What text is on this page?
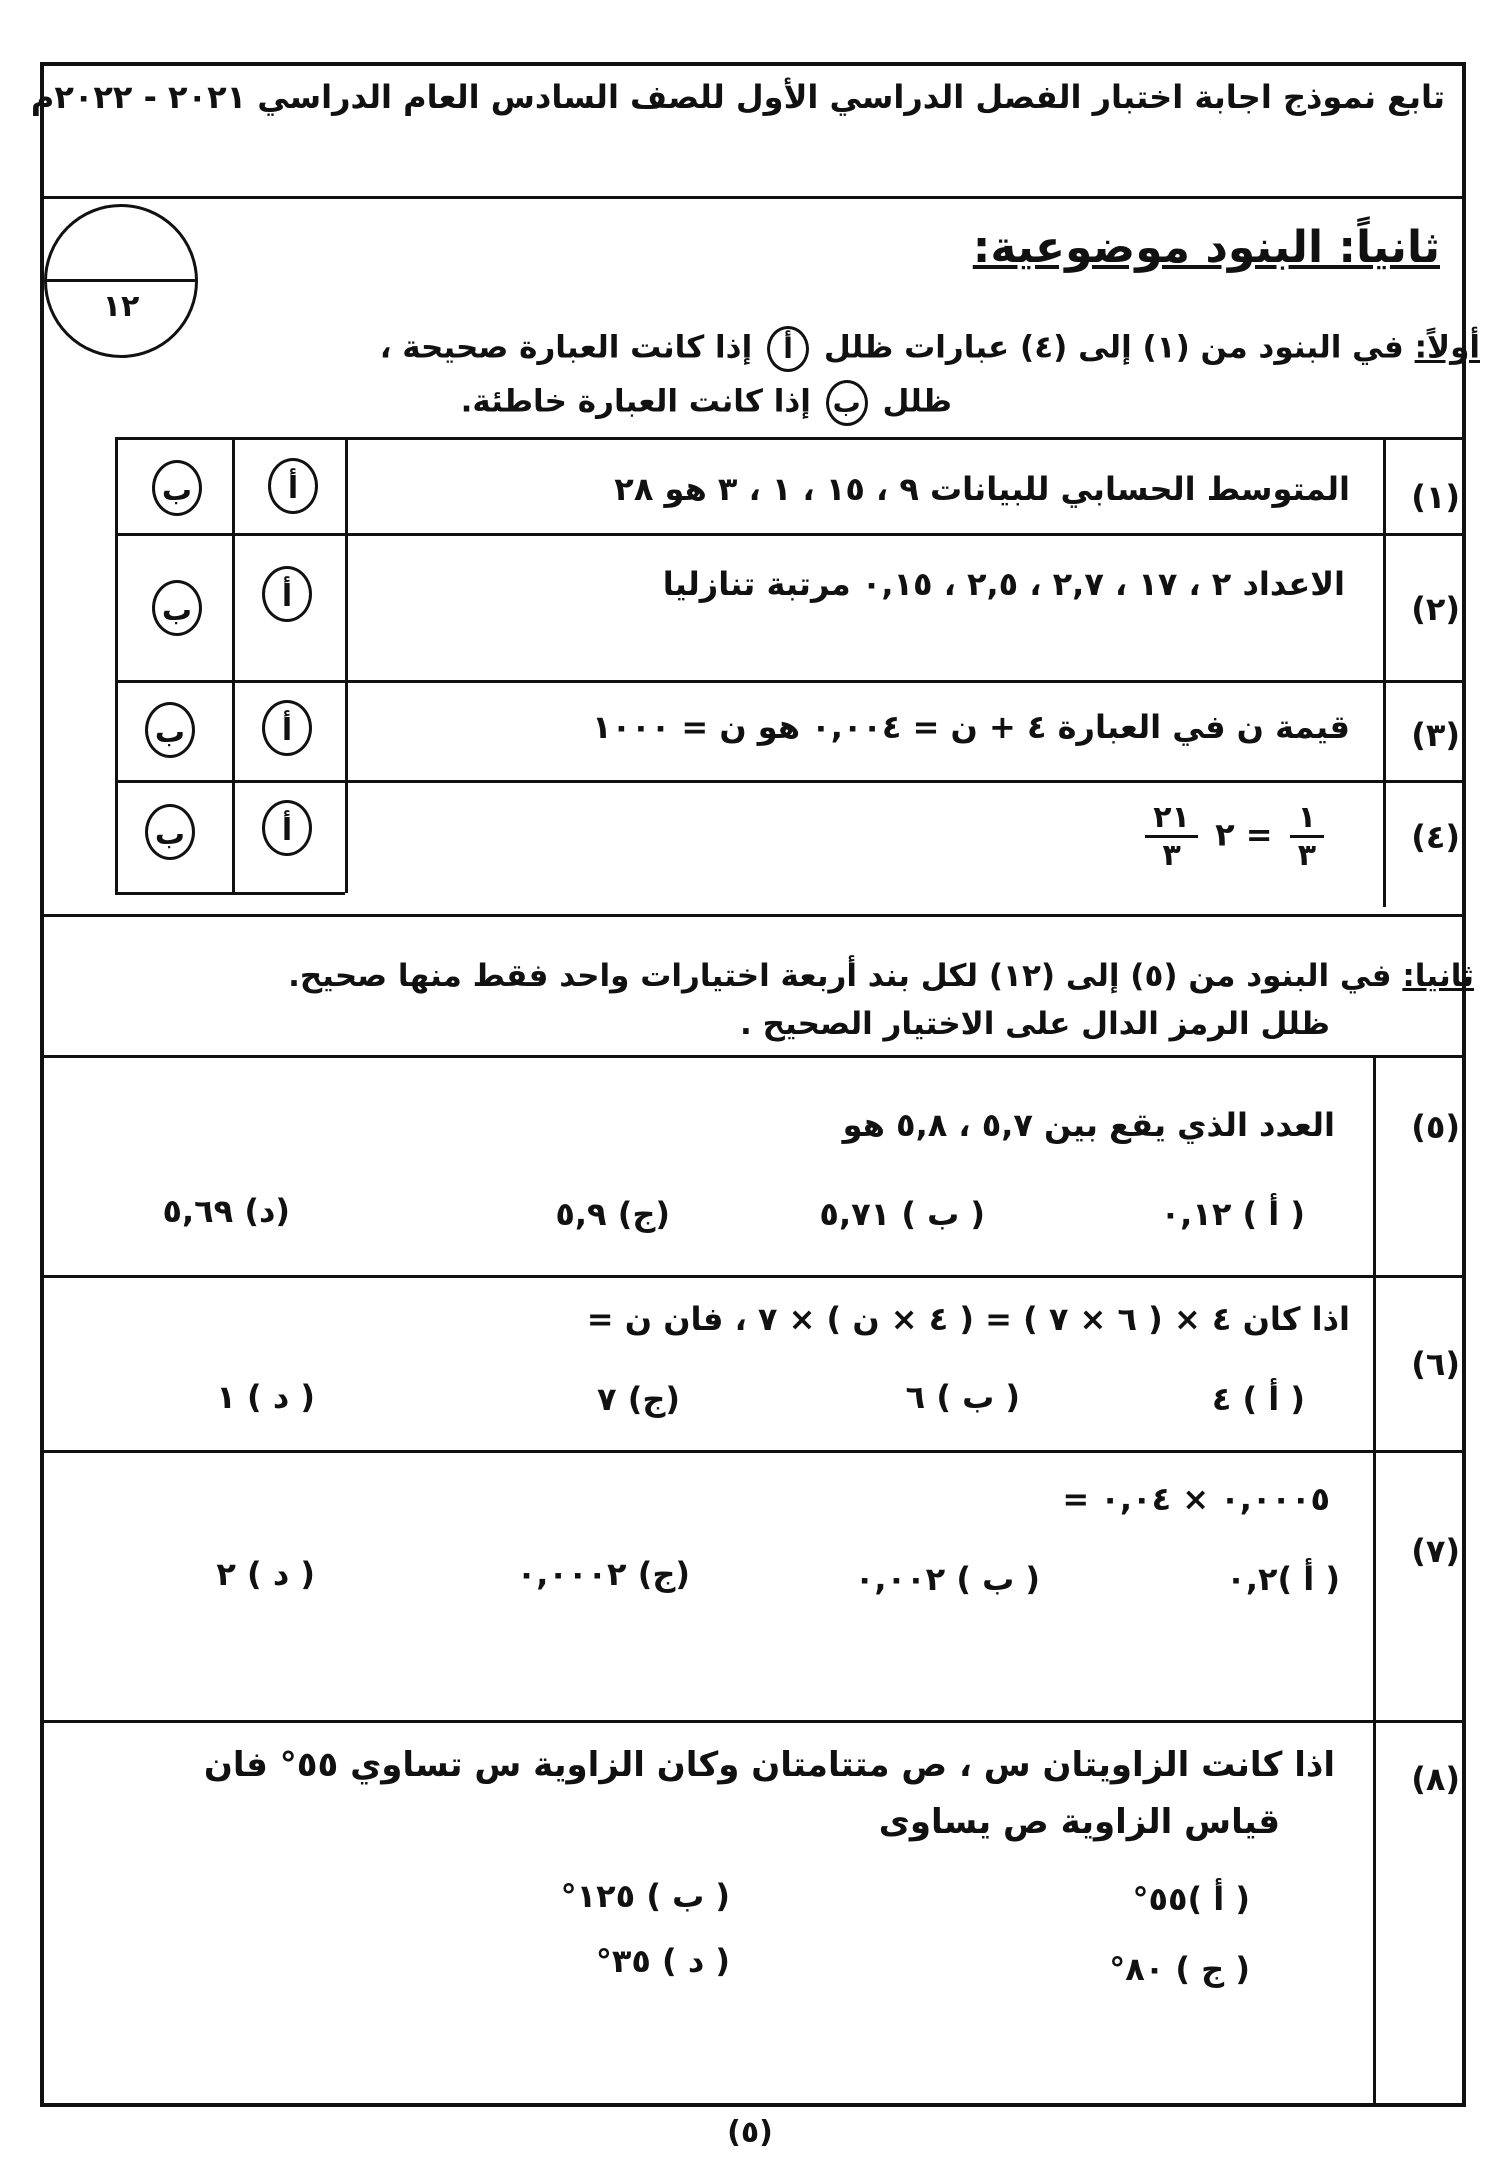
تابع نموذج اجابة اختبار الفصل الدراسي الأول للصف السادس العام الدراسي ٢٠٢١ - ٢٠٢٢م
١٢
ثانياً: البنود موضوعية:
أولاً: في البنود من (١) إلى (٤) عبارات ظلل أ إذا كانت العبارة صحيحة ،
ظلل ب إذا كانت العبارة خاطئة.
(١)
المتوسط الحسابي للبيانات ٩ ، ١٥ ، ١ ، ٣ هو ٢٨
أ
ب
(٢)
الاعداد ٢ ، ١٧ ، ٢,٧ ، ٢,٥ ، ٠,١٥ مرتبة تنازليا
أ
ب
(٣)
قيمة ن في العبارة ٤ + ن = ٠,٠٠٤ هو ن = ١٠٠٠
أ
ب
(٤)
$\frac{١}{٣}$
= ٢
$\frac{٢١}{٣}$
أ
ب
ثانيا: في البنود من (٥) إلى (١٢) لكل بند أربعة اختيارات واحد فقط منها صحيح.
ظلل الرمز الدال على الاختيار الصحيح .
(٥)
العدد الذي يقع بين ٥,٧ ، ٥,٨ هو
( أ ) ٠,١٢
( ب ) ٥,٧١
(ج) ٥,٩
(د) ٥,٦٩
(٦)
اذا كان ٤ × ( ٦ × ٧ ) = ( ٤ × ن ) × ٧ ، فان ن =
( أ ) ٤
( ب ) ٦
(ج) ٧
( د ) ١
(٧)
٠,٠٠٠٥ × ٠,٠٤ =
( أ )٠,٢
( ب ) ٠,٠٠٢
(ج) ٠,٠٠٠٢
( د ) ٢
(٨)
اذا كانت الزاويتان س ، ص متتامتان وكان الزاوية س تساوي ٥٥° فان
قياس الزاوية ص يساوى
( أ )٥٥°
( ب ) ١٢٥°
( ج ) ٨٠°
( د ) ٣٥°
(٥)
